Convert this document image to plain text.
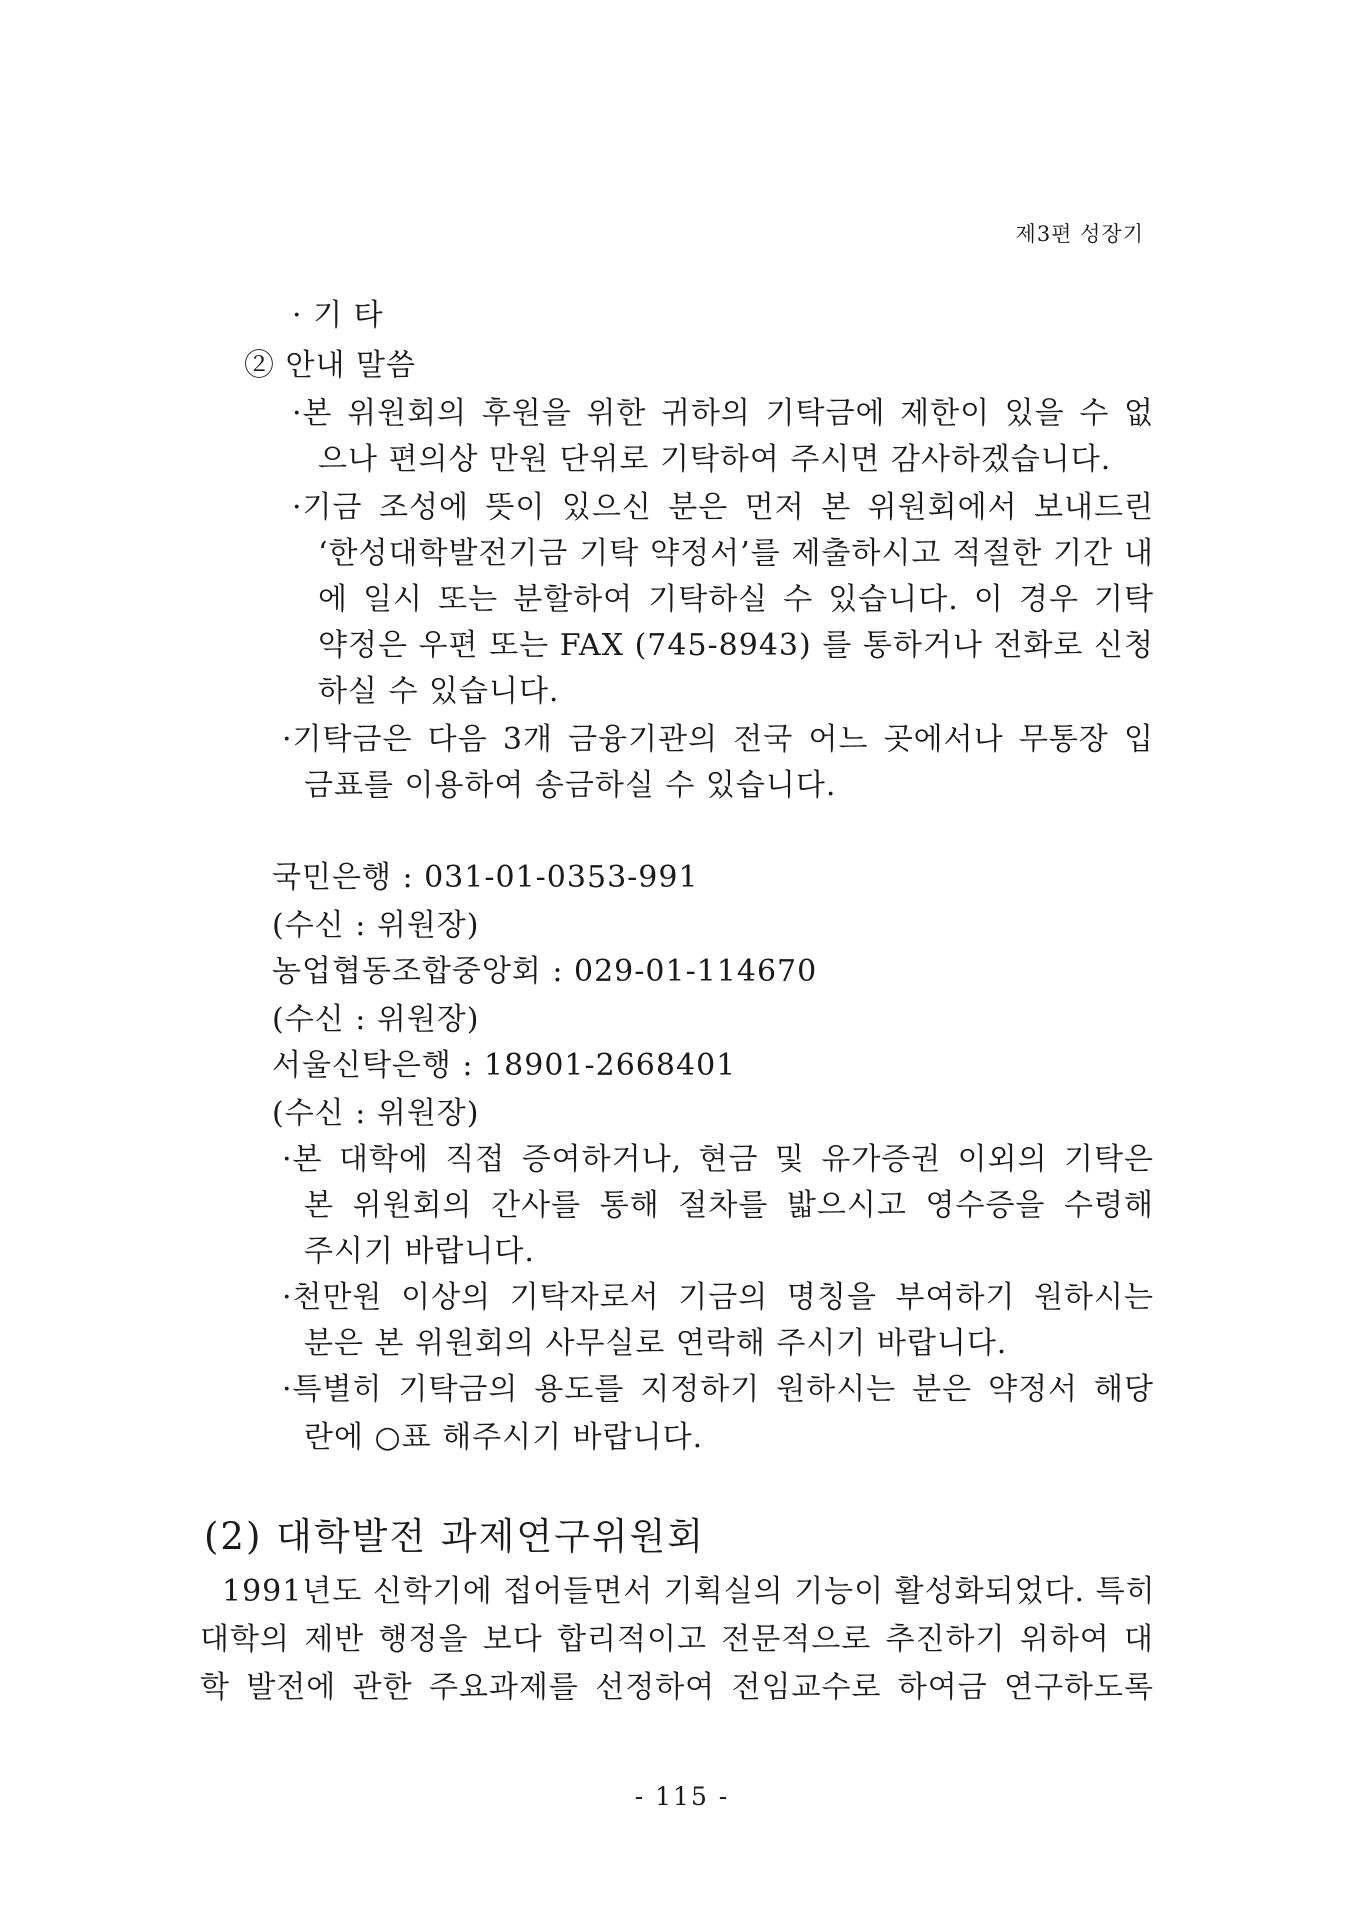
제3편 성장기
· 기 타
② 안내 말씀
·본 위원회의 후원을 위한 귀하의 기탁금에 제한이 있을 수 없
으나 편의상 만원 단위로 기탁하여 주시면 감사하겠습니다.
·기금 조성에 뜻이 있으신 분은 먼저 본 위원회에서 보내드린
‘한성대학발전기금 기탁 약정서’를 제출하시고 적절한 기간 내
에 일시 또는 분할하여 기탁하실 수 있습니다. 이 경우 기탁
약정은 우편 또는 FAX (745-8943) 를 통하거나 전화로 신청
하실 수 있습니다.
·기탁금은 다음 3개 금융기관의 전국 어느 곳에서나 무통장 입
금표를 이용하여 송금하실 수 있습니다.
국민은행 : 031-01-0353-991
(수신 : 위원장)
농업협동조합중앙회 : 029-01-114670
(수신 : 위원장)
서울신탁은행 : 18901-2668401
(수신 : 위원장)
·본 대학에 직접 증여하거나, 현금 및 유가증권 이외의 기탁은
본 위원회의 간사를 통해 절차를 밟으시고 영수증을 수령해
주시기 바랍니다.
·천만원 이상의 기탁자로서 기금의 명칭을 부여하기 원하시는
분은 본 위원회의 사무실로 연락해 주시기 바랍니다.
·특별히 기탁금의 용도를 지정하기 원하시는 분은 약정서 해당
란에 ○표 해주시기 바랍니다.
(2) 대학발전 과제연구위원회
1991년도 신학기에 접어들면서 기획실의 기능이 활성화되었다. 특히
대학의 제반 행정을 보다 합리적이고 전문적으로 추진하기 위하여 대
학 발전에 관한 주요과제를 선정하여 전임교수로 하여금 연구하도록
- 115 -
